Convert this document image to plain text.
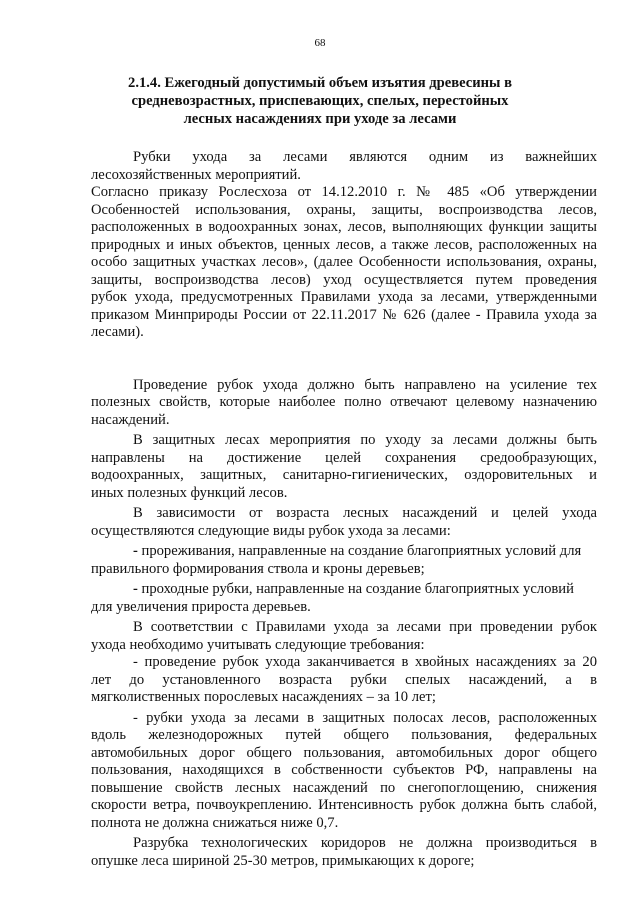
68
2.1.4. Ежегодный допустимый объем изъятия древесины в
средневозрастных, приспевающих, спелых, перестойных
лесных насаждениях при уходе за лесами
Рубки ухода за лесами являются одним из важнейших
лесохозяйственных мероприятий.
Согласно приказу Рослесхоза от 14.12.2010 г. № 485 «Об утверждении
Особенностей использования, охраны, защиты, воспроизводства лесов,
расположенных в водоохранных зонах, лесов, выполняющих функции защиты
природных и иных объектов, ценных лесов, а также лесов, расположенных на
особо защитных участках лесов», (далее Особенности использования, охраны,
защиты, воспроизводства лесов) уход осуществляется путем проведения
рубок ухода, предусмотренных Правилами ухода за лесами, утвержденными
приказом Минприроды России от 22.11.2017 № 626 (далее - Правила ухода за
лесами).
Проведение рубок ухода должно быть направлено на усиление тех
полезных свойств, которые наиболее полно отвечают целевому назначению
насаждений.
В защитных лесах мероприятия по уходу за лесами должны быть
направлены на достижение целей сохранения средообразующих,
водоохранных, защитных, санитарно-гигиенических, оздоровительных и
иных полезных функций лесов.
В зависимости от возраста лесных насаждений и целей ухода
осуществляются следующие виды рубок ухода за лесами:
- прореживания, направленные на создание благоприятных условий для
правильного формирования ствола и кроны деревьев;
- проходные рубки, направленные на создание благоприятных условий
для увеличения прироста деревьев.
В соответствии с Правилами ухода за лесами при проведении рубок
ухода необходимо учитывать следующие требования:
- проведение рубок ухода заканчивается в хвойных насаждениях за 20
лет до установленного возраста рубки спелых насаждений, а в
мягколиственных порослевых насаждениях – за 10 лет;
- рубки ухода за лесами в защитных полосах лесов, расположенных
вдоль железнодорожных путей общего пользования, федеральных
автомобильных дорог общего пользования, автомобильных дорог общего
пользования, находящихся в собственности субъектов РФ, направлены на
повышение свойств лесных насаждений по снегопоглощению, снижения
скорости ветра, почвоукреплению. Интенсивность рубок должна быть слабой,
полнота не должна снижаться ниже 0,7.
Разрубка технологических коридоров не должна производиться в
опушке леса шириной 25-30 метров, примыкающих к дороге;
